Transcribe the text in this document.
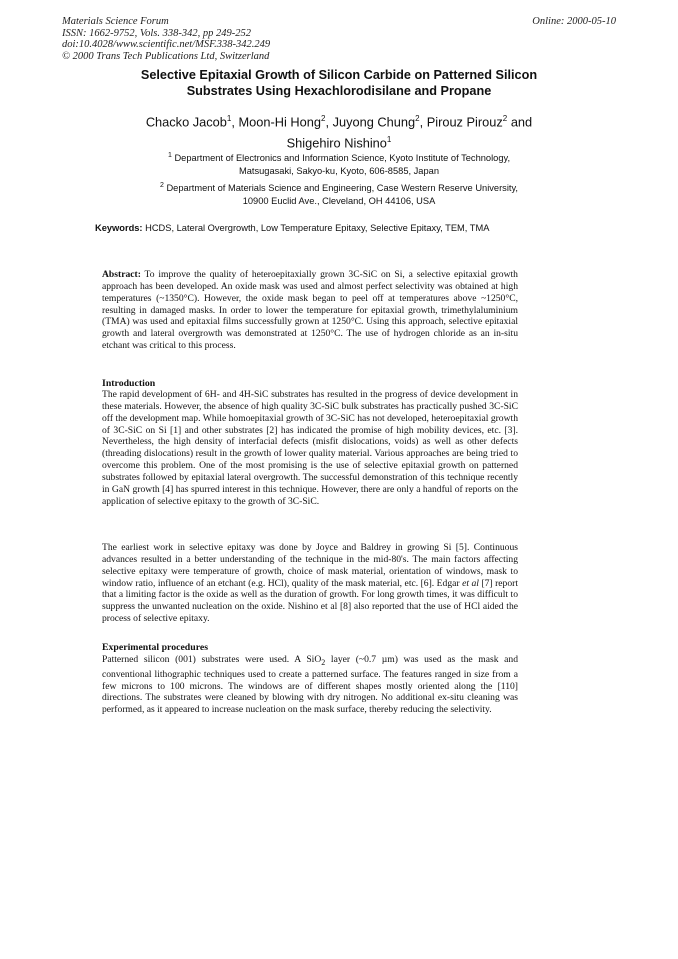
Materials Science Forum
ISSN: 1662-9752, Vols. 338-342, pp 249-252
doi:10.4028/www.scientific.net/MSF.338-342.249
© 2000 Trans Tech Publications Ltd, Switzerland
Online: 2000-05-10
Selective Epitaxial Growth of Silicon Carbide on Patterned Silicon
Substrates Using Hexachlorodisilane and Propane
Chacko Jacob$^1$, Moon-Hi Hong$^2$, Juyong Chung$^2$, Pirouz Pirouz$^2$ and
Shigehiro Nishino$^1$
$^1$ Department of Electronics and Information Science, Kyoto Institute of Technology,
Matsugasaki, Sakyo-ku, Kyoto, 606-8585, Japan
$^2$ Department of Materials Science and Engineering, Case Western Reserve University,
10900 Euclid Ave., Cleveland, OH 44106, USA
Keywords: HCDS, Lateral Overgrowth, Low Temperature Epitaxy, Selective Epitaxy, TEM, TMA

Abstract: To improve the quality of heteroepitaxially grown 3C-SiC on Si, a selective epitaxial growth approach has been developed. An oxide mask was used and almost perfect selectivity was obtained at high temperatures (~1350°C). However, the oxide mask began to peel off at temperatures above ~1250°C, resulting in damaged masks. In order to lower the temperature for epitaxial growth, trimethylaluminium (TMA) was used and epitaxial films successfully grown at 1250°C. Using this approach, selective epitaxial growth and lateral overgrowth was demonstrated at 1250°C. The use of hydrogen chloride as an in-situ etchant was critical to this process.

Introduction

The rapid development of 6H- and 4H-SiC substrates has resulted in the progress of device development in these materials. However, the absence of high quality 3C-SiC bulk substrates has practically pushed 3C-SiC off the development map. While homoepitaxial growth of 3C-SiC has not developed, heteroepitaxial growth of 3C-SiC on Si [1] and other substrates [2] has indicated the promise of high mobility devices, etc. [3]. Nevertheless, the high density of interfacial defects (misfit dislocations, voids) as well as other defects (threading dislocations) result in the growth of lower quality material. Various approaches are being tried to overcome this problem. One of the most promising is the use of selective epitaxial growth on patterned substrates followed by epitaxial lateral overgrowth. The successful demonstration of this technique recently in GaN growth [4] has spurred interest in this technique. However, there are only a handful of reports on the application of selective epitaxy to the growth of 3C-SiC.

The earliest work in selective epitaxy was done by Joyce and Baldrey in growing Si [5]. Continuous advances resulted in a better understanding of the technique in the mid-80's. The main factors affecting selective epitaxy were temperature of growth, choice of mask material, orientation of windows, mask to window ratio, influence of an etchant (e.g. HCl), quality of the mask material, etc. [6]. Edgar et al [7] report that a limiting factor is the oxide as well as the duration of growth. For long growth times, it was difficult to suppress the unwanted nucleation on the oxide. Nishino et al [8] also reported that the use of HCl aided the process of selective epitaxy.

Experimental procedures

Patterned silicon (001) substrates were used. A SiO$_2$ layer (~0.7 µm) was used as the mask and conventional lithographic techniques used to create a patterned surface. The features ranged in size from a few microns to 100 microns. The windows are of different shapes mostly oriented along the [110] directions. The substrates were cleaned by blowing with dry nitrogen. No additional ex-situ cleaning was performed, as it appeared to increase nucleation on the mask surface, thereby reducing the selectivity.
